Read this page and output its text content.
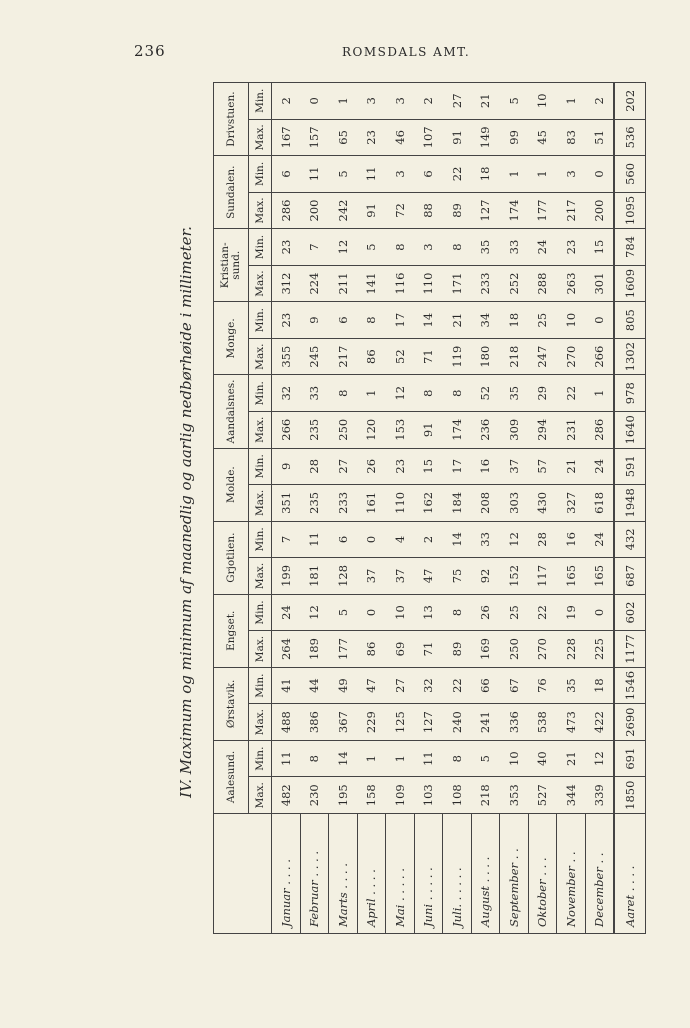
236	ROMSDALS AMT.
IV. Maximum og minimum af maanedlig og aarlig nedbørhøide i millimeter.
		Aalesund.		Ørstavik.		Engset.		Grjotlien.		Molde.		Aandalsnes.		Monge.		Kristian-sund.		Sundalen.		Drivstuen.	
	Max.	Min.	Max.	Min.	Max.	Min.	Max.	Min.	Max.	Min.	Max.	Min.	Max.	Min.	Max.	Min.	Max.	Min.	Max.	Min.
Januar . . . .	482	11	488	41	264	24	199	7	351	9	266	32	355	23	312	23	286	6	167	2
Februar . . . .	230	8	386	44	189	12	181	11	235	28	235	33	245	9	224	7	200	11	157	0
Marts . . . .	195	14	367	49	177	5	128	6	233	27	250	8	217	6	211	12	242	5	65	1
April . . . .	158	1	229	47	86	0	37	0	161	26	120	1	86	8	141	5	91	11	23	3
Mai . . . . .	109	1	125	27	69	10	37	4	110	23	153	12	52	17	116	8	72	3	46	3
Juni . . . . .	103	11	127	32	71	13	47	2	162	15	91	8	71	14	110	3	88	6	107	2
Juli. . . . . .	108	8	240	22	89	8	75	14	184	17	174	8	119	21	171	8	89	22	91	27
August . . . .	218	5	241	66	169	26	92	33	208	16	236	52	180	34	233	35	127	18	149	21
September . .	353	10	336	67	250	25	152	12	303	37	309	35	218	18	252	33	174	1	99	5
Oktober . . .	527	40	538	76	270	22	117	28	430	57	294	29	247	25	288	24	177	1	45	10
November . .	344	21	473	35	228	19	165	16	327	21	231	22	270	10	263	23	217	3	83	1
December . .	339	12	422	18	225	0	165	24	618	24	286	1	266	0	301	15	200	0	51	2
Aaret . . . .	1850	691	2690	1546	1177	602	687	432	1948	591	1640	978	1302	805	1609	784	1095	560	536	202
